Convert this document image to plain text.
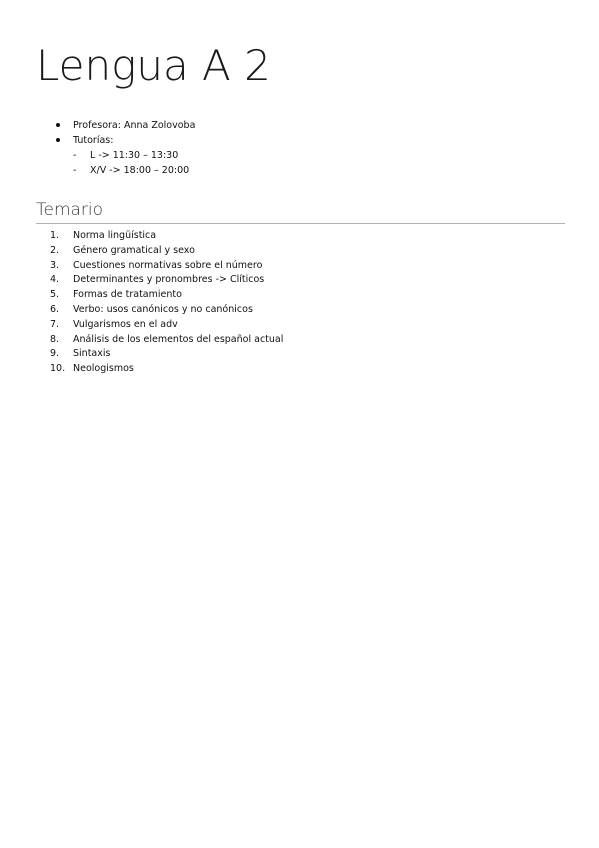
Lengua A 2
Profesora: Anna Zolovoba
Tutorías:
- L -> 11:30 – 13:30
- X/V -> 18:00 – 20:00
Temario
1.	Norma lingüística
2.	Género gramatical y sexo
3.	Cuestiones normativas sobre el número
4.	Determinantes y pronombres -> Clíticos
5.	Formas de tratamiento
6.	Verbo: usos canónicos y no canónicos
7.	Vulgarismos en el adv
8.	Análisis de los elementos del español actual
9.	Sintaxis
10. Neologismos
